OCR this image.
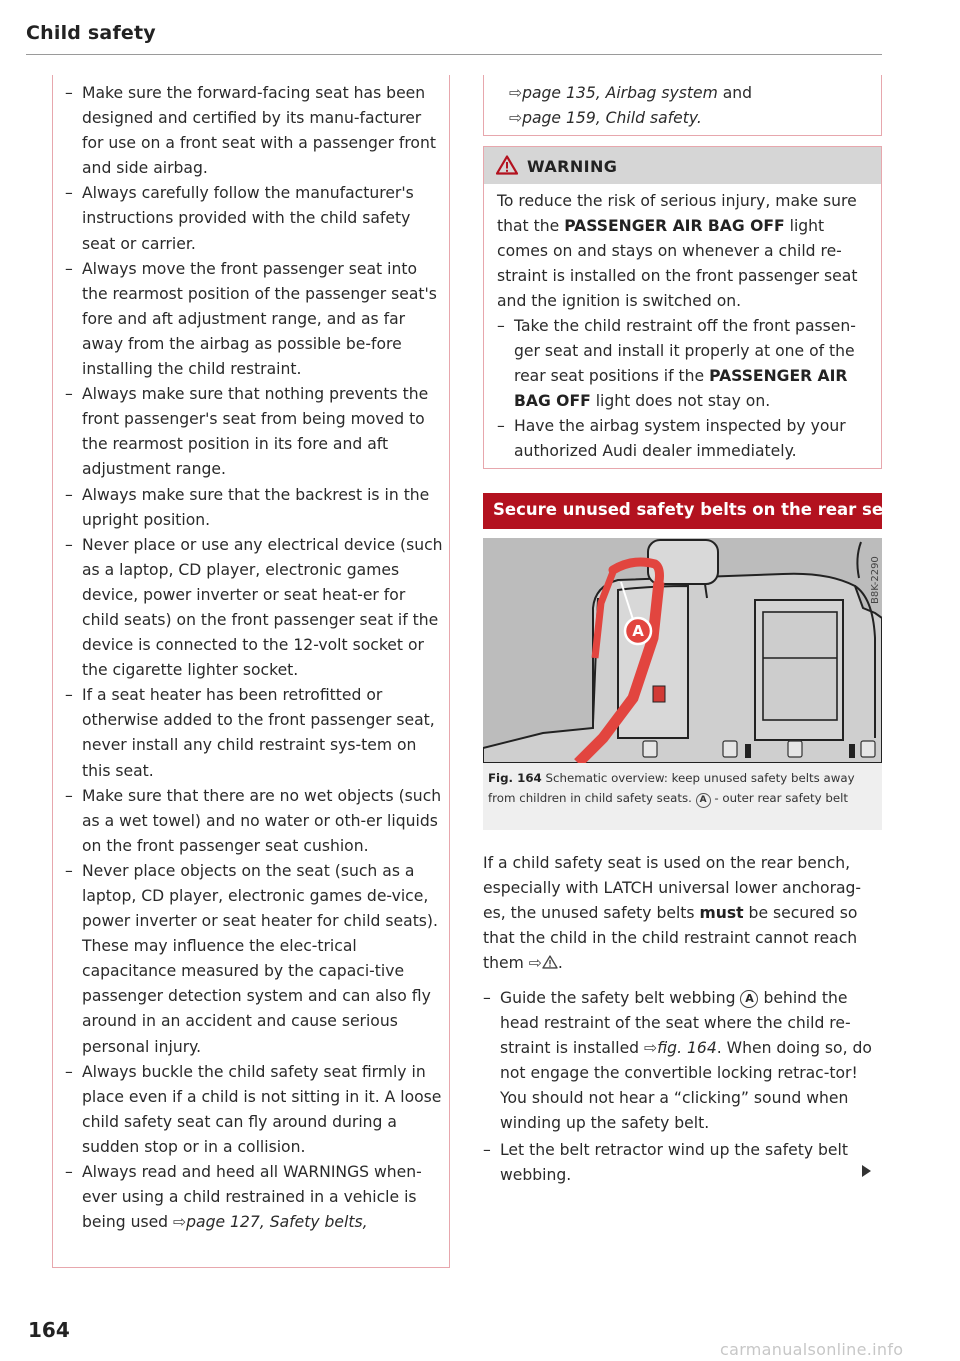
Child safety
– Make sure the forward-facing seat has been designed and certified by its manu-facturer for use on a front seat with a passenger front and side airbag.
– Always carefully follow the manufacturer's instructions provided with the child safety seat or carrier.
– Always move the front passenger seat into the rearmost position of the passenger seat's fore and aft adjustment range, and as far away from the airbag as possible be-fore installing the child restraint.
– Always make sure that nothing prevents the front passenger's seat from being moved to the rearmost position in its fore and aft adjustment range.
– Always make sure that the backrest is in the upright position.
– Never place or use any electrical device (such as a laptop, CD player, electronic games device, power inverter or seat heat-er for child seats) on the front passenger seat if the device is connected to the 12-volt socket or the cigarette lighter socket.
– If a seat heater has been retrofitted or otherwise added to the front passenger seat, never install any child restraint sys-tem on this seat.
– Make sure that there are no wet objects (such as a wet towel) and no water or oth-er liquids on the front passenger seat cushion.
– Never place objects on the seat (such as a laptop, CD player, electronic games de-vice, power inverter or seat heater for child seats). These may influence the elec-trical capacitance measured by the capaci-tive passenger detection system and can also fly around in an accident and cause serious personal injury.
– Always buckle the child safety seat firmly in place even if a child is not sitting in it. A loose child safety seat can fly around during a sudden stop or in a collision.
– Always read and heed all WARNINGS when-ever using a child restrained in a vehicle is being used ⇨page 127, Safety belts,
164
⇨page 135, Airbag system and
⇨page 159, Child safety.
WARNING

To reduce the risk of serious injury, make sure that the PASSENGER AIR BAG OFF light comes on and stays on whenever a child re-straint is installed on the front passenger seat and the ignition is switched on.

– Take the child restraint off the front passen-ger seat and install it properly at one of the rear seat positions if the PASSENGER AIR BAG OFF light does not stay on.
– Have the airbag system inspected by your authorized Audi dealer immediately.
Secure unused safety belts on the rear seat
A
B8K-2290

Fig. 164 Schematic overview: keep unused safety belts away from children in child safety seats. A - outer rear safety belt

If a child safety seat is used on the rear bench, especially with LATCH universal lower anchorag-es, the unused safety belts must be secured so that the child in the child restraint cannot reach them ⇨ .

– Guide the safety belt webbing A behind the head restraint of the seat where the child re-straint is installed ⇨fig. 164. When doing so, do not engage the convertible locking retrac-tor! You should not hear a “clicking” sound when winding up the safety belt.
– Let the belt retractor wind up the safety belt webbing.
carmanualsonline.info
